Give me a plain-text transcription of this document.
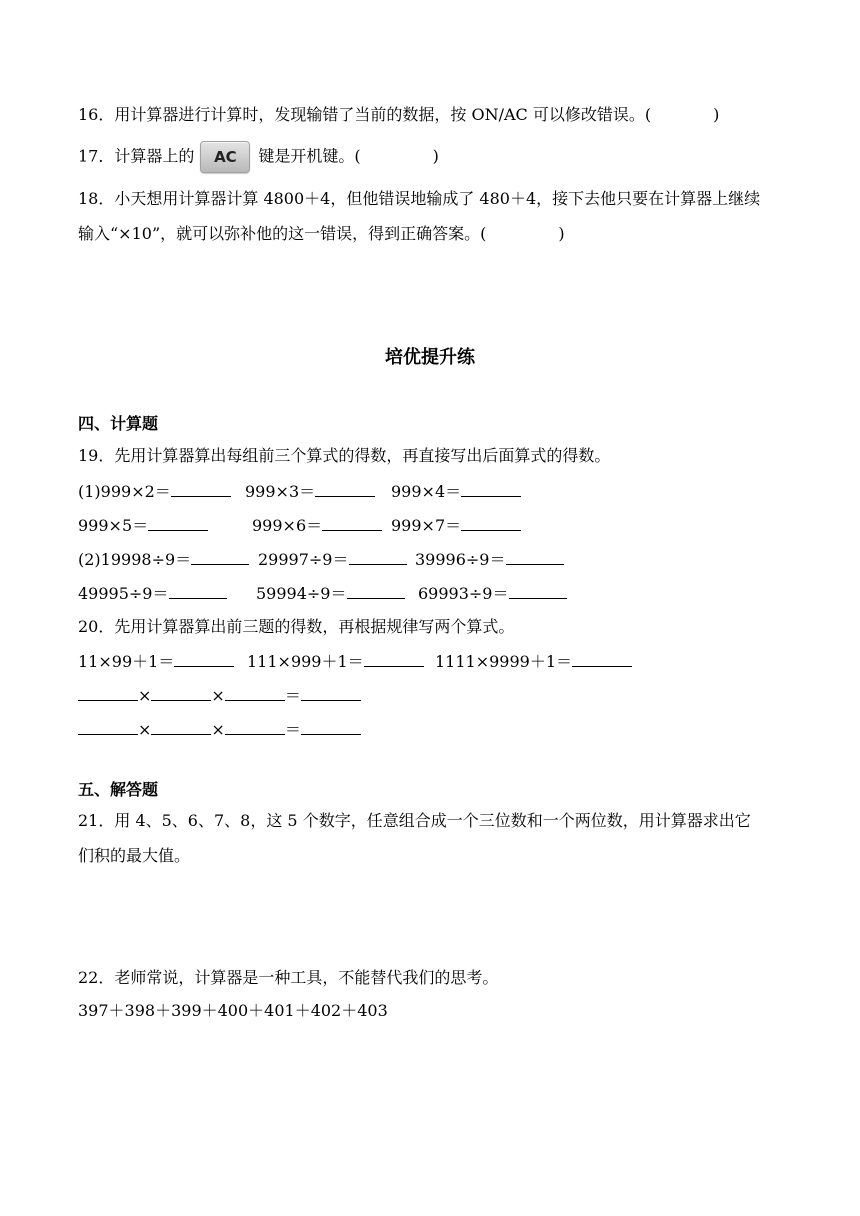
16．用计算器进行计算时，发现输错了当前的数据，按 ON/AC 可以修改错误。(	)
17．计算器上的 AC 键是开机键。(	)
18．小天想用计算器计算 4800＋4，但他错误地输成了 480＋4，接下去他只要在计算器上继续
输入“×10”，就可以弥补他的这一错误，得到正确答案。(	)
培优提升练
四、计算题
19．先用计算器算出每组前三个算式的得数，再直接写出后面算式的得数。
(1)999×2＝	999×3＝	999×4＝
999×5＝	999×6＝	999×7＝
(2)19998÷9＝	29997÷9＝	39996÷9＝
49995÷9＝	59994÷9＝	69993÷9＝
20．先用计算器算出前三题的得数，再根据规律写两个算式。
11×99＋1＝	111×999＋1＝	1111×9999＋1＝
×	×	＝
×	×	＝
五、解答题
21．用 4、5、6、7、8，这 5 个数字，任意组合成一个三位数和一个两位数，用计算器求出它
们积的最大值。
22．老师常说，计算器是一种工具，不能替代我们的思考。
397＋398＋399＋400＋401＋402＋403
